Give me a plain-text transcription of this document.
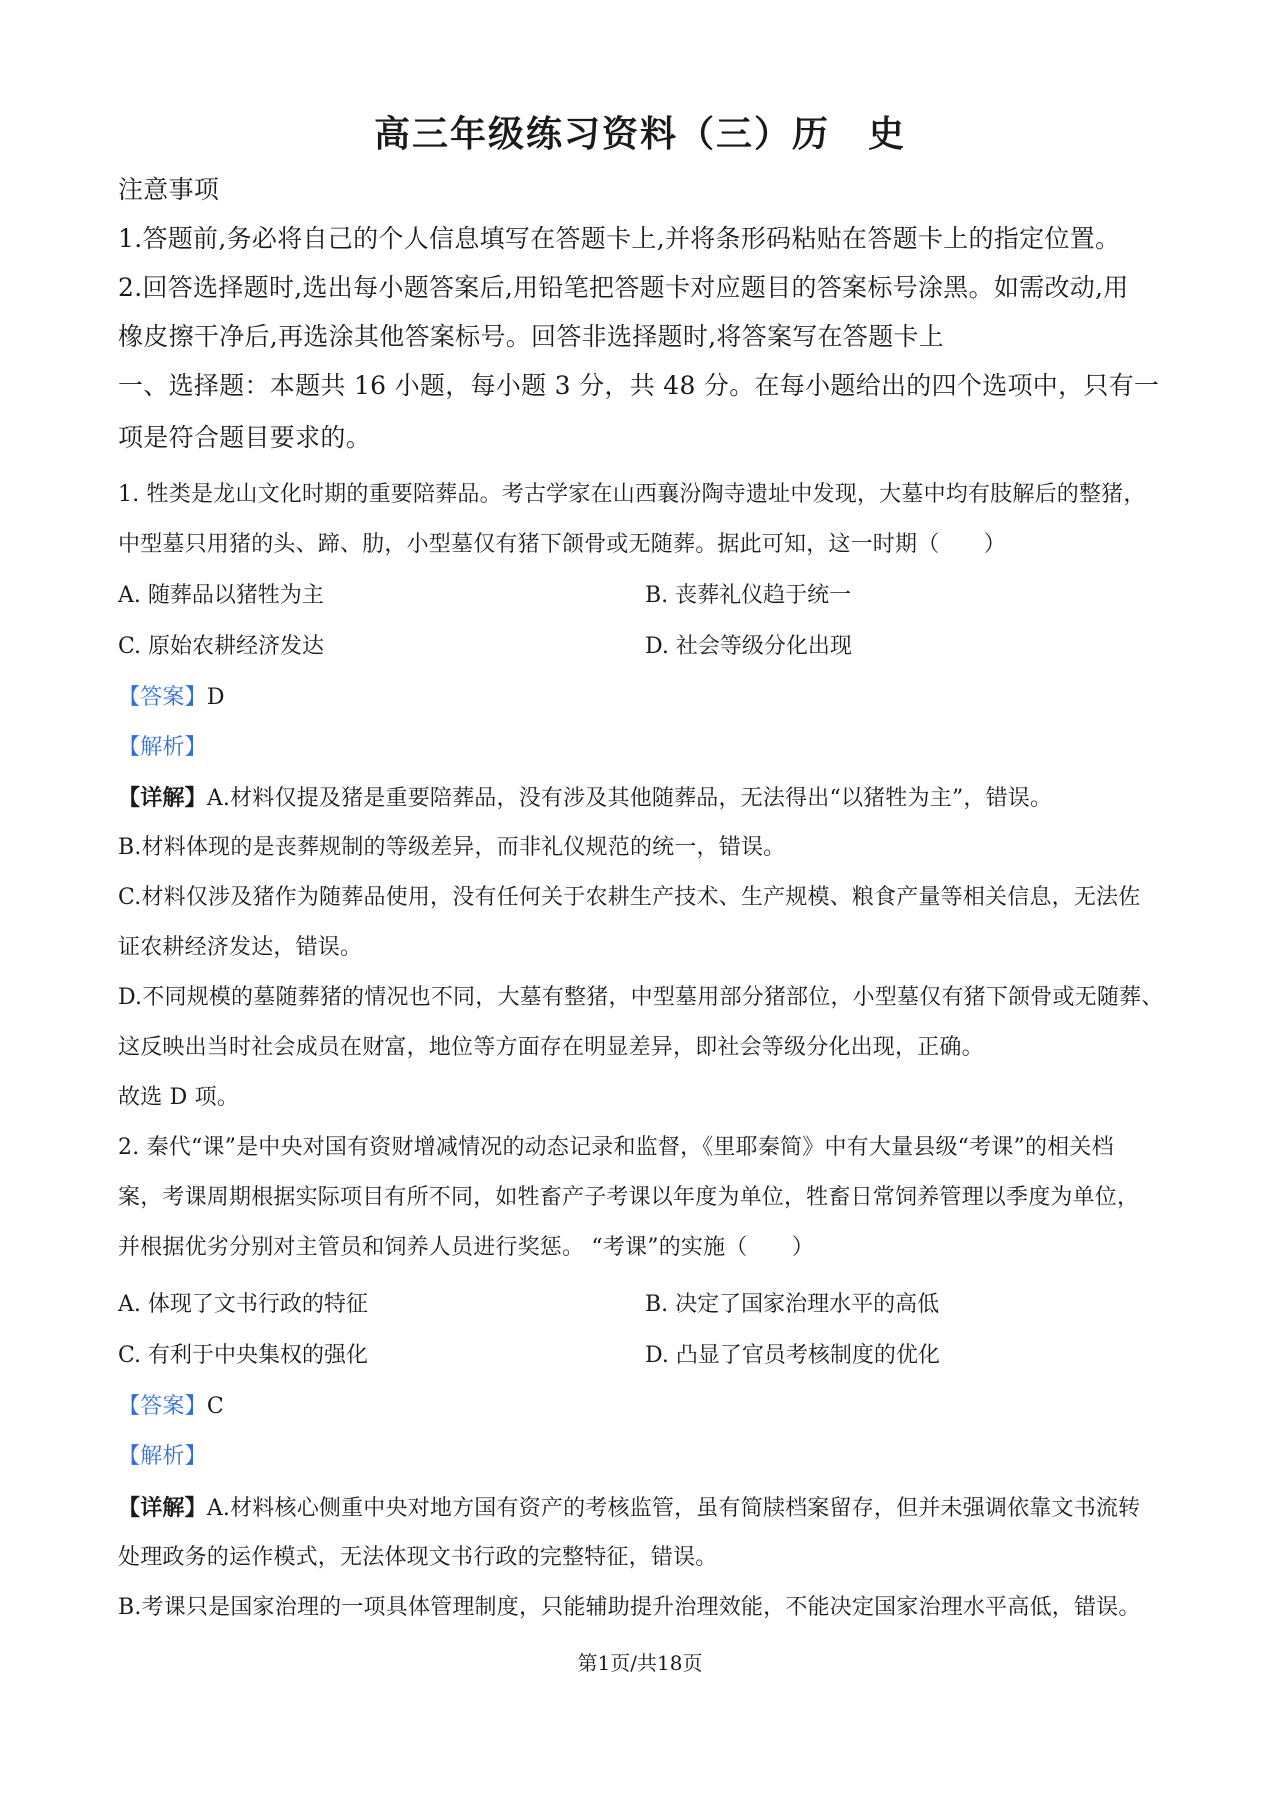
高三年级练习资料（三）历　史
注意事项
1.答题前,务必将自己的个人信息填写在答题卡上,并将条形码粘贴在答题卡上的指定位置。
2.回答选择题时,选出每小题答案后,用铅笔把答题卡对应题目的答案标号涂黑。如需改动,用
橡皮擦干净后,再选涂其他答案标号。回答非选择题时,将答案写在答题卡上
一、选择题：本题共 16 小题，每小题 3 分，共 48 分。在每小题给出的四个选项中，只有一
项是符合题目要求的。
1. 牲类是龙山文化时期的重要陪葬品。考古学家在山西襄汾陶寺遗址中发现，大墓中均有肢解后的整猪，
中型墓只用猪的头、蹄、肋，小型墓仅有猪下颌骨或无随葬。据此可知，这一时期（　　）
A. 随葬品以猪牲为主	B. 丧葬礼仪趋于统一
C. 原始农耕经济发达	D. 社会等级分化出现
【答案】D
【解析】
【详解】A.材料仅提及猪是重要陪葬品，没有涉及其他随葬品，无法得出“以猪牲为主”，错误。
B.材料体现的是丧葬规制的等级差异，而非礼仪规范的统一，错误。
C.材料仅涉及猪作为随葬品使用，没有任何关于农耕生产技术、生产规模、粮食产量等相关信息，无法佐
证农耕经济发达，错误。
D.不同规模的墓随葬猪的情况也不同，大墓有整猪，中型墓用部分猪部位，小型墓仅有猪下颌骨或无随葬、
这反映出当时社会成员在财富，地位等方面存在明显差异，即社会等级分化出现，正确。
故选 D 项。
2. 秦代“课”是中央对国有资财增减情况的动态记录和监督，《里耶秦简》中有大量县级“考课”的相关档
案，考课周期根据实际项目有所不同，如牲畜产子考课以年度为单位，牲畜日常饲养管理以季度为单位，
并根据优劣分别对主管员和饲养人员进行奖惩。 “考课”的实施（　　）
A. 体现了文书行政的特征	B. 决定了国家治理水平的高低
C. 有利于中央集权的强化	D. 凸显了官员考核制度的优化
【答案】C
【解析】
【详解】A.材料核心侧重中央对地方国有资产的考核监管，虽有简牍档案留存，但并未强调依靠文书流转
处理政务的运作模式，无法体现文书行政的完整特征，错误。
B.考课只是国家治理的一项具体管理制度，只能辅助提升治理效能，不能决定国家治理水平高低，错误。
第1页/共18页
